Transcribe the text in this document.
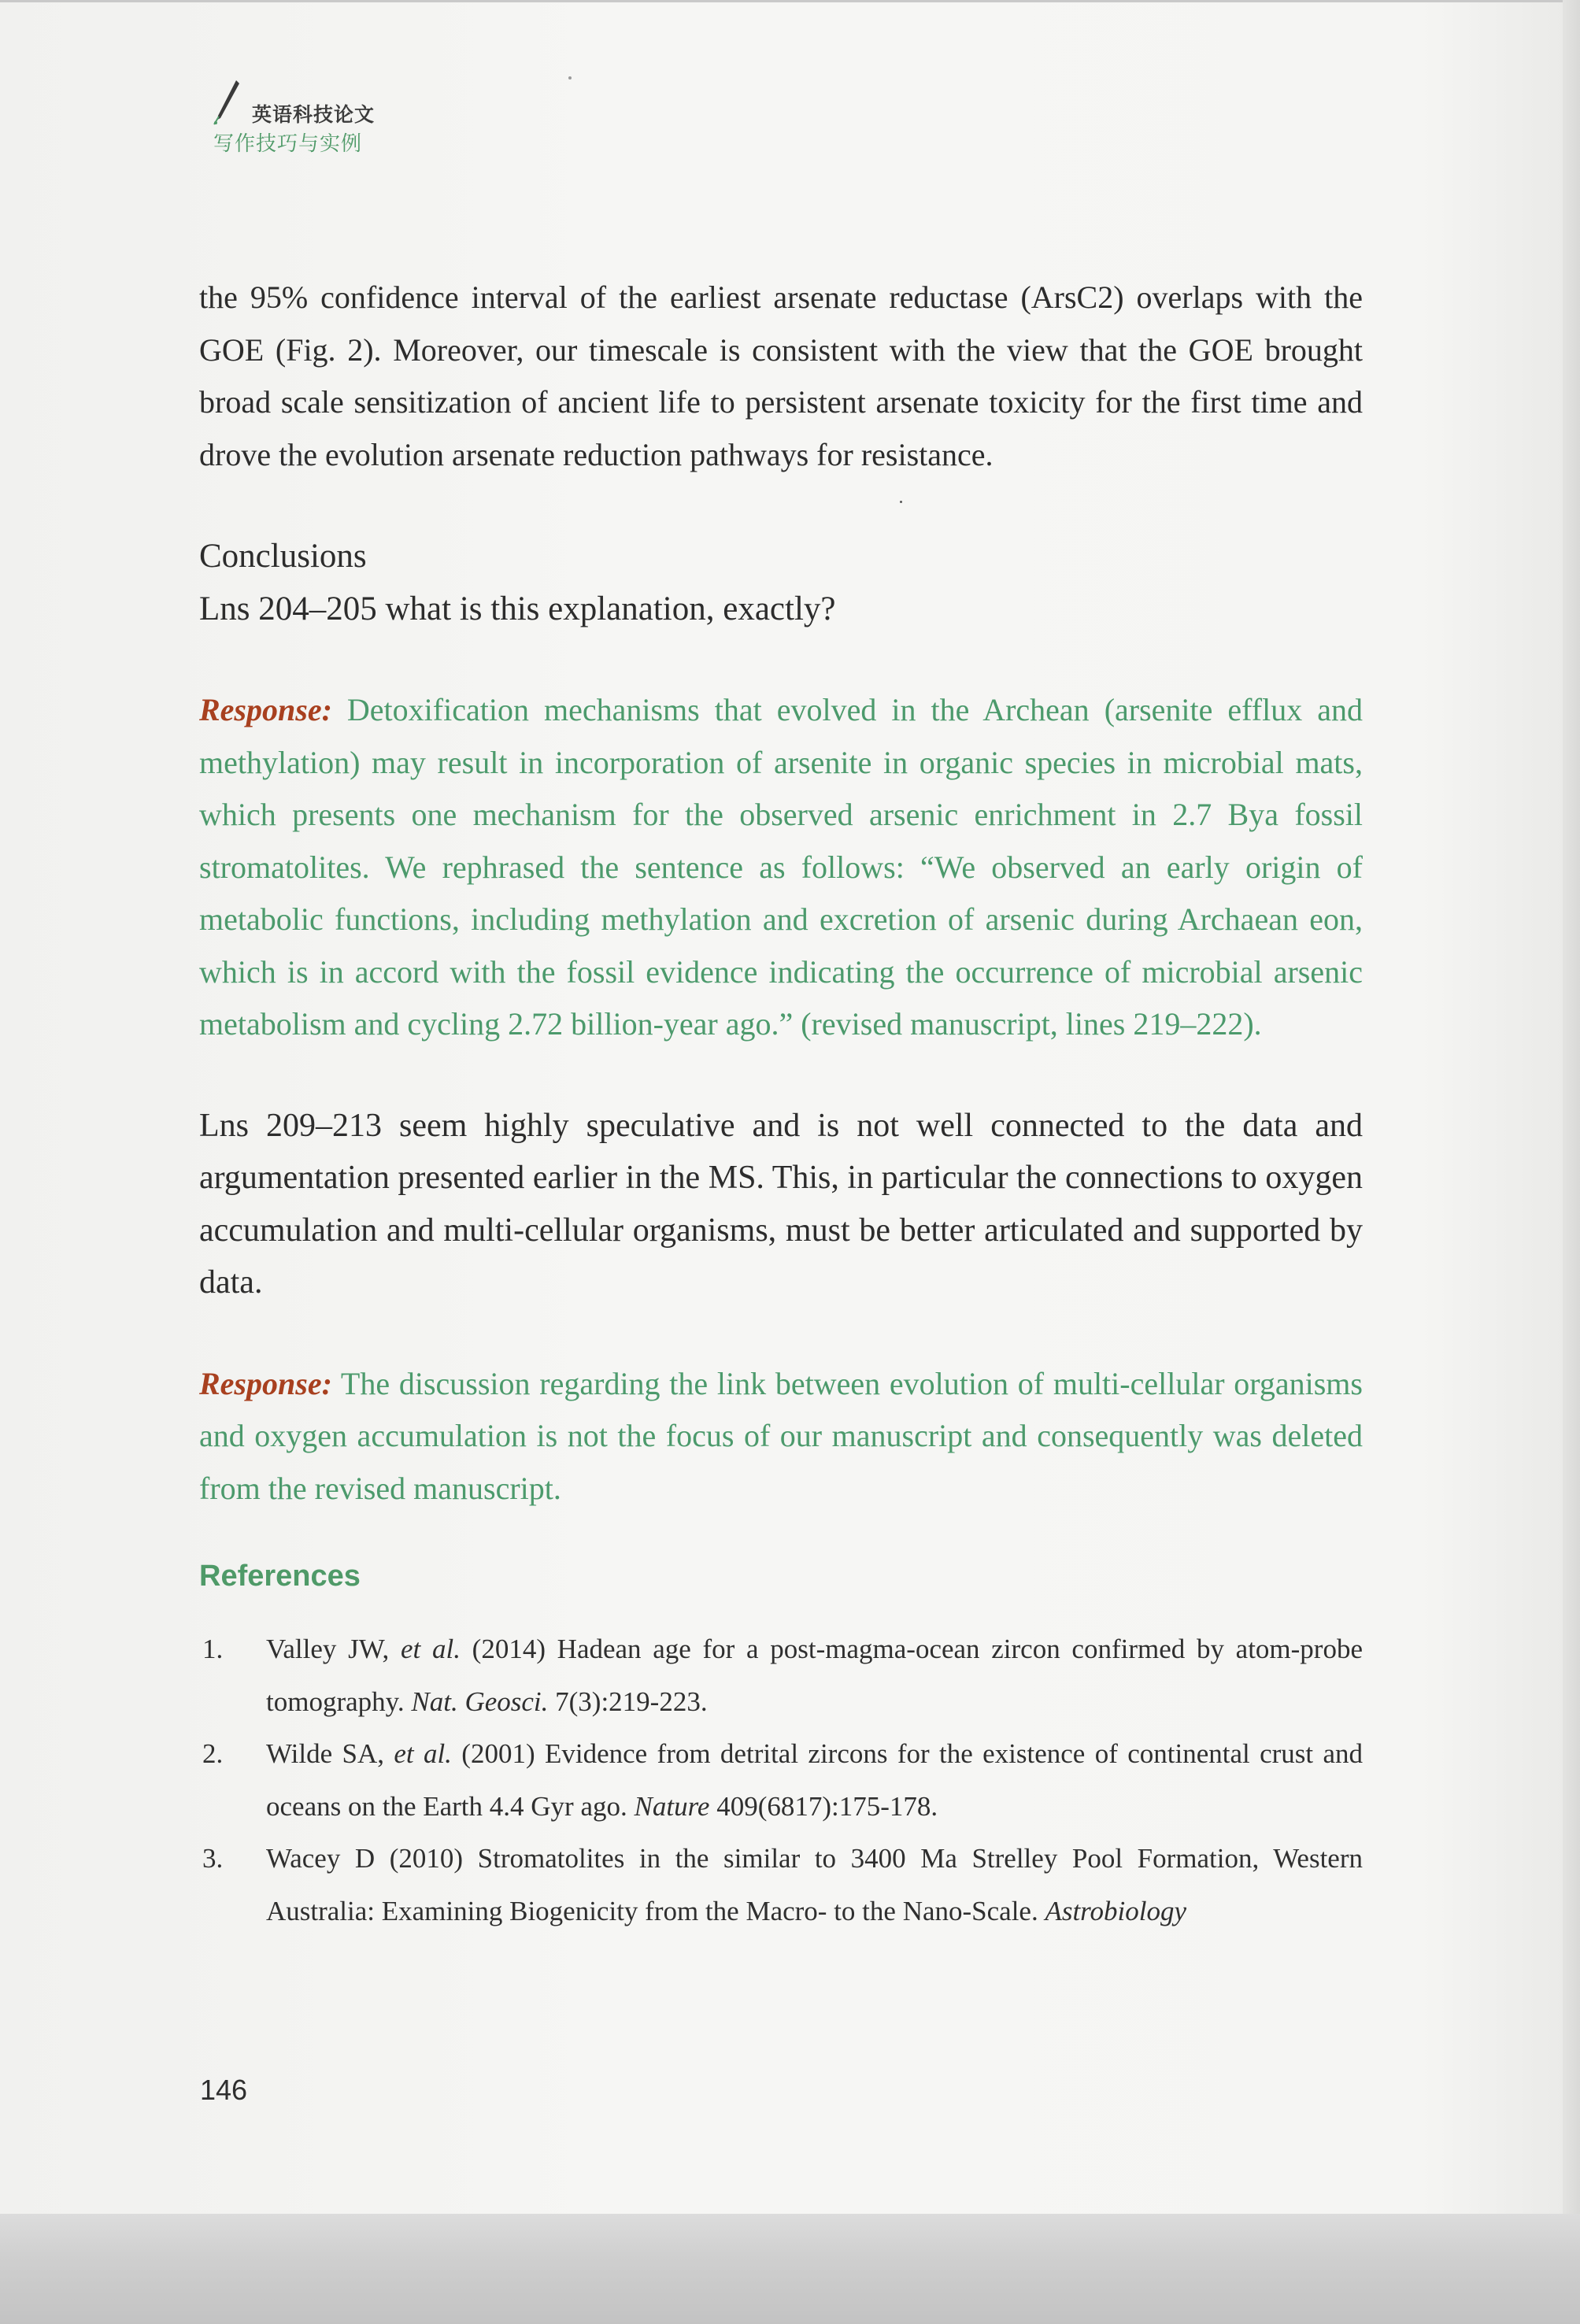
英语科技论文
写作技巧与实例

the 95% confidence interval of the earliest arsenate reductase (ArsC2) overlaps with the GOE (Fig. 2). Moreover, our timescale is consistent with the view that the GOE brought broad scale sensitization of ancient life to persistent arsenate toxicity for the first time and drove the evolution arsenate reduction pathways for resistance.

Conclusions

Lns 204–205 what is this explanation, exactly?

Response: Detoxification mechanisms that evolved in the Archean (arsenite efflux and methylation) may result in incorporation of arsenite in organic species in microbial mats, which presents one mechanism for the observed arsenic enrichment in 2.7 Bya fossil stromatolites. We rephrased the sentence as follows: “We observed an early origin of metabolic functions, including methylation and excretion of arsenic during Archaean eon, which is in accord with the fossil evidence indicating the occurrence of microbial arsenic metabolism and cycling 2.72 billion-year ago.” (revised manuscript, lines 219–222).

Lns 209–213 seem highly speculative and is not well connected to the data and argumentation presented earlier in the MS. This, in particular the connections to oxygen accumulation and multi-cellular organisms, must be better articulated and supported by data.

Response: The discussion regarding the link between evolution of multi-cellular organisms and oxygen accumulation is not the focus of our manuscript and consequently was deleted from the revised manuscript.

References

1. Valley JW, et al. (2014) Hadean age for a post-magma-ocean zircon confirmed by atom-probe tomography. Nat. Geosci. 7(3):219-223.
2. Wilde SA, et al. (2001) Evidence from detrital zircons for the existence of continental crust and oceans on the Earth 4.4 Gyr ago. Nature 409(6817):175-178.
3. Wacey D (2010) Stromatolites in the similar to 3400 Ma Strelley Pool Formation, Western Australia: Examining Biogenicity from the Macro- to the Nano-Scale. Astrobiology
146
